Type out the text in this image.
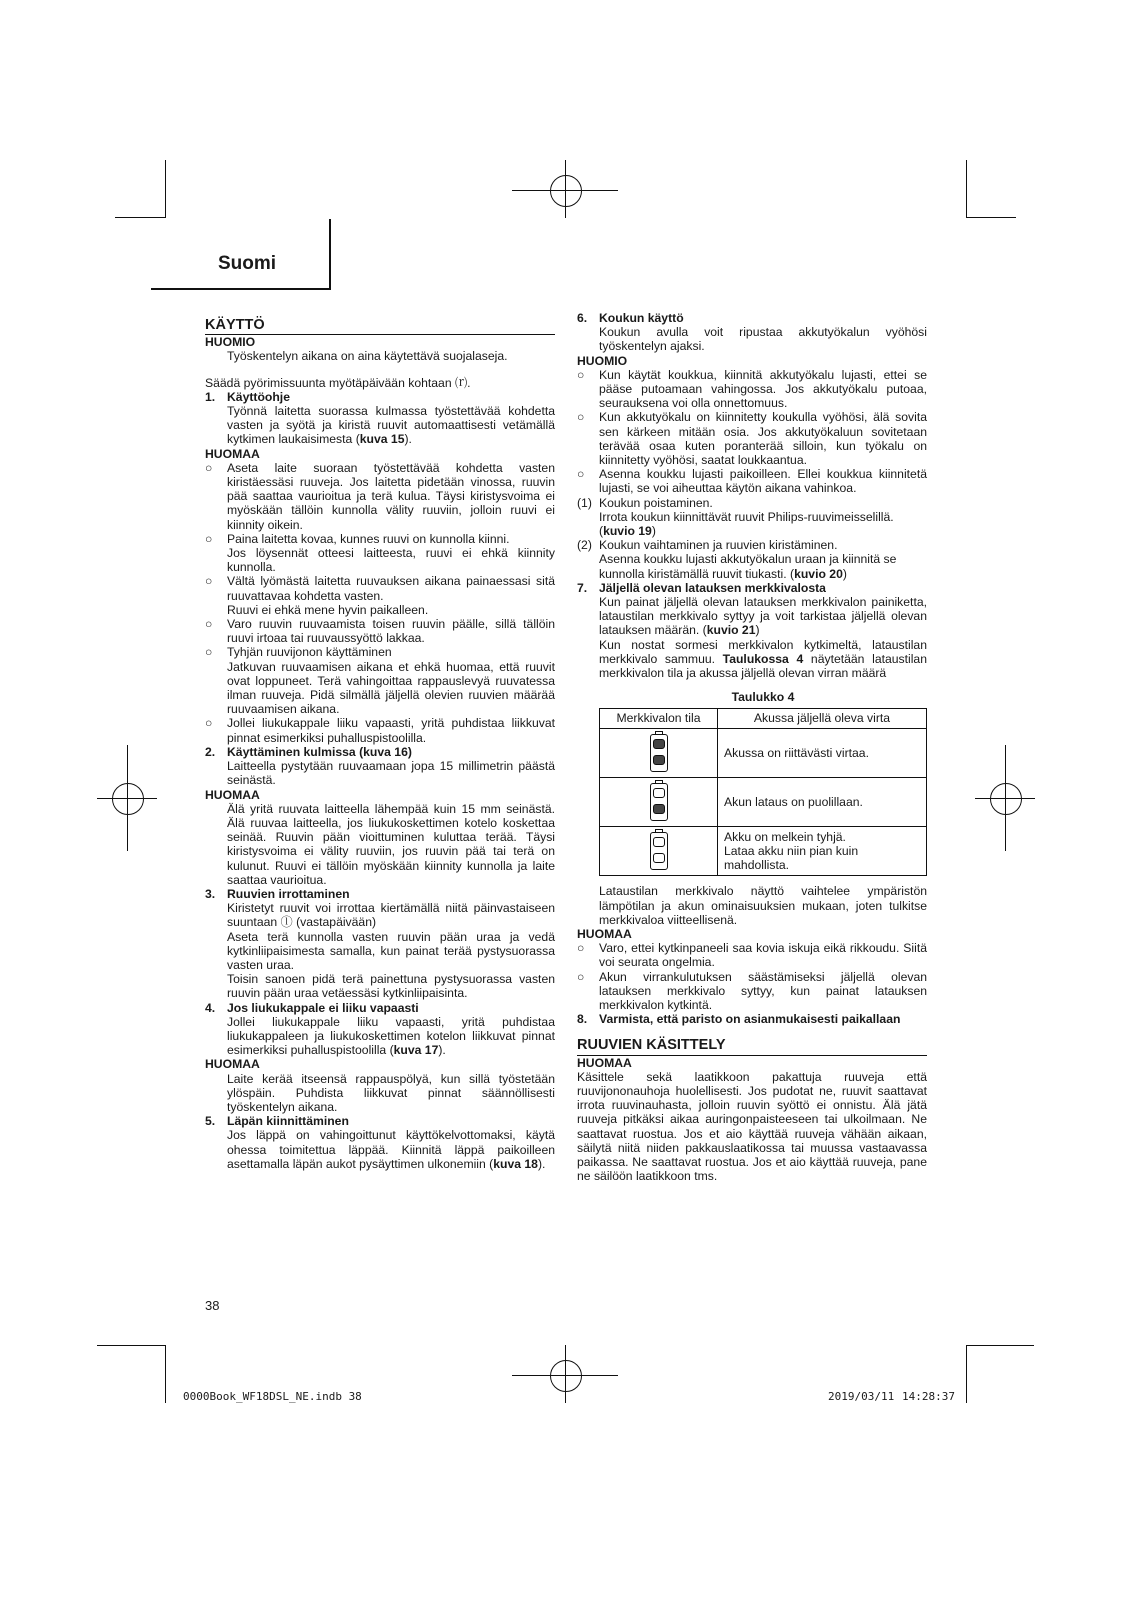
Suomi

KÄYTTÖ

HUOMIO

Työskentelyn aikana on aina käytettävä suojalaseja.

Säädä pyörimissuunta myötäpäivään kohtaan ⒭.

1. Käyttöohje

Työnnä laitetta suorassa kulmassa työstettävää kohdetta vasten ja syötä ja kiristä ruuvit automaattisesti vetämällä kytkimen laukaisimesta (kuva 15).

HUOMAA

○ Aseta laite suoraan työstettävää kohdetta vasten kiristäessäsi ruuveja. Jos laitetta pidetään vinossa, ruuvin pää saattaa vaurioitua ja terä kulua. Täysi kiristysvoima ei myöskään tällöin kunnolla välity ruuviin, jolloin ruuvi ei kiinnity oikein.
○ Paina laitetta kovaa, kunnes ruuvi on kunnolla kiinni.
Jos löysennät otteesi laitteesta, ruuvi ei ehkä kiinnity kunnolla.
○ Vältä lyömästä laitetta ruuvauksen aikana painaessasi sitä ruuvattavaa kohdetta vasten.
Ruuvi ei ehkä mene hyvin paikalleen.
○ Varo ruuvin ruuvaamista toisen ruuvin päälle, sillä tällöin ruuvi irtoaa tai ruuvaussyöttö lakkaa.
○ Tyhjän ruuvijonon käyttäminen
Jatkuvan ruuvaamisen aikana et ehkä huomaa, että ruuvit ovat loppuneet. Terä vahingoittaa rappauslevyä ruuvatessa ilman ruuveja. Pidä silmällä jäljellä olevien ruuvien määrää ruuvaamisen aikana.
○ Jollei liukukappale liiku vapaasti, yritä puhdistaa liikkuvat pinnat esimerkiksi puhalluspistoolilla.
2. Käyttäminen kulmissa (kuva 16)

Laitteella pystytään ruuvaamaan jopa 15 millimetrin päästä seinästä.

HUOMAA

Älä yritä ruuvata laitteella lähempää kuin 15 mm seinästä. Älä ruuvaa laitteella, jos liukukoskettimen kotelo koskettaa seinää. Ruuvin pään vioittuminen kuluttaa terää. Täysi kiristysvoima ei välity ruuviin, jos ruuvin pää tai terä on kulunut. Ruuvi ei tällöin myöskään kiinnity kunnolla ja laite saattaa vaurioitua.

3. Ruuvien irrottaminen

Kiristetyt ruuvit voi irrottaa kiertämällä niitä päinvastaiseen suuntaan ⓛ (vastapäivään)
Aseta terä kunnolla vasten ruuvin pään uraa ja vedä kytkinliipaisimesta samalla, kun painat terää pystysuorassa vasten uraa.
Toisin sanoen pidä terä painettuna pystysuorassa vasten ruuvin pään uraa vetäessäsi kytkinliipaisinta.

4. Jos liukukappale ei liiku vapaasti

Jollei liukukappale liiku vapaasti, yritä puhdistaa liukukappaleen ja liukukoskettimen kotelon liikkuvat pinnat esimerkiksi puhalluspistoolilla (kuva 17).

HUOMAA

Laite kerää itseensä rappauspölyä, kun sillä työstetään ylöspäin. Puhdista liikkuvat pinnat säännöllisesti työskentelyn aikana.

5. Läpän kiinnittäminen

Jos läppä on vahingoittunut käyttökelvottomaksi, käytä ohessa toimitettua läppää. Kiinnitä läppä paikoilleen asettamalla läpän aukot pysäyttimen ulkonemiin (kuva 18).

6. Koukun käyttö

Koukun avulla voit ripustaa akkutyökalun vyöhösi työskentelyn ajaksi.

HUOMIO

○ Kun käytät koukkua, kiinnitä akkutyökalu lujasti, ettei se pääse putoamaan vahingossa. Jos akkutyökalu putoaa, seurauksena voi olla onnettomuus.
○ Kun akkutyökalu on kiinnitetty koukulla vyöhösi, älä sovita sen kärkeen mitään osia. Jos akkutyökaluun sovitetaan terävää osaa kuten poranterää silloin, kun työkalu on kiinnitetty vyöhösi, saatat loukkaantua.
○ Asenna koukku lujasti paikoilleen. Ellei koukkua kiinnitetä lujasti, se voi aiheuttaa käytön aikana vahinkoa.
(1) Koukun poistaminen.
Irrota koukun kiinnittävät ruuvit Philips-ruuvimeisselillä. (kuvio 19)
(2) Koukun vaihtaminen ja ruuvien kiristäminen.
Asenna koukku lujasti akkutyökalun uraan ja kiinnitä se kunnolla kiristämällä ruuvit tiukasti. (kuvio 20)
7. Jäljellä olevan latauksen merkkivalosta

Kun painat jäljellä olevan latauksen merkkivalon painiketta, lataustilan merkkivalo syttyy ja voit tarkistaa jäljellä olevan latauksen määrän. (kuvio 21)
Kun nostat sormesi merkkivalon kytkimeltä, lataustilan merkkivalo sammuu. Taulukossa 4 näytetään lataustilan merkkivalon tila ja akussa jäljellä olevan virran määrä

Taulukko 4
Merkkivalon tila	Akussa jäljellä oleva virta

	Akussa on riittävästi virtaa.

	Akun lataus on puolillaan.

	Akku on melkein tyhjä.
Lataa akku niin pian kuin mahdollista.

Lataustilan merkkivalo näyttö vaihtelee ympäristön lämpötilan ja akun ominaisuuksien mukaan, joten tulkitse merkkivaloa viitteellisenä.

HUOMAA

○ Varo, ettei kytkinpaneeli saa kovia iskuja eikä rikkoudu. Siitä voi seurata ongelmia.
○ Akun virrankulutuksen säästämiseksi jäljellä olevan latauksen merkkivalo syttyy, kun painat latauksen merkkivalon kytkintä.
8. Varmista, että paristo on asianmukaisesti paikallaan

RUUVIEN KÄSITTELY

HUOMAA

Käsittele sekä laatikkoon pakattuja ruuveja että ruuvijononauhoja huolellisesti. Jos pudotat ne, ruuvit saattavat irrota ruuvinauhasta, jolloin ruuvin syöttö ei onnistu. Älä jätä ruuveja pitkäksi aikaa auringonpaisteeseen tai ulkoilmaan. Ne saattavat ruostua. Jos et aio käyttää ruuveja vähään aikaan, säilytä niitä niiden pakkauslaatikossa tai muussa vastaavassa paikassa. Ne saattavat ruostua. Jos et aio käyttää ruuveja, pane ne säilöön laatikkoon tms.

38
0000Book_WF18DSL_NE.indb 38	2019/03/11 14:28:37
